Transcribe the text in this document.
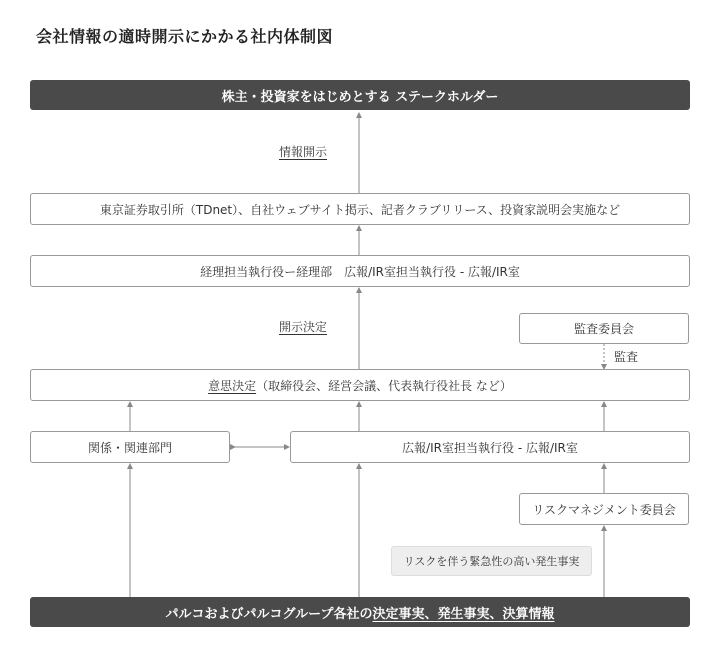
会社情報の適時開示にかかる社内体制図
株主・投資家をはじめとする ステークホルダー
情報開示
東京証券取引所（TDnet）、自社ウェブサイト掲示、記者クラブリリース、投資家説明会実施など
経理担当執行役ー経理部　広報/IR室担当執行役 - 広報/IR室
開示決定	監査委員会
監査
意思決定 （取締役会、経営会議、代表執行役社長 など）
関係・関連部門	広報/IR室担当執行役 - 広報/IR室
リスクマネジメント委員会
リスクを伴う緊急性の高い発生事実
パルコおよびパルコグループ各社の 決定事実、発生事実、決算情報
